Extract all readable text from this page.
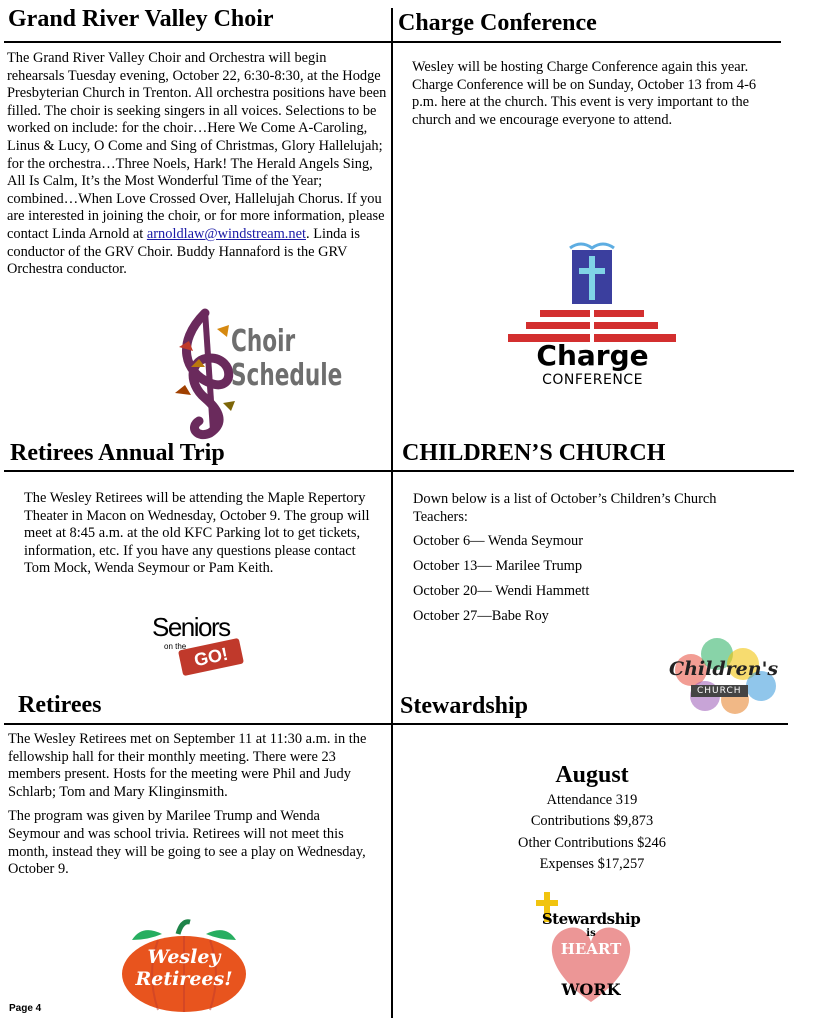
Grand River Valley Choir
The Grand River Valley Choir and Orchestra will begin rehearsals Tuesday evening, October 22, 6:30-8:30, at the Hodge Presbyterian Church in Trenton. All orchestra positions have been filled. The choir is seeking singers in all voices. Selections to be worked on include: for the choir…Here We Come A-Caroling, Linus & Lucy, O Come and Sing of Christmas, Glory Hallelujah; for the orchestra…Three Noels, Hark! The Herald Angels Sing, All Is Calm, It’s the Most Wonderful Time of the Year; combined…When Love Crossed Over, Hallelujah Chorus. If you are interested in joining the choir, or for more information, please contact Linda Arnold at arnoldlaw@windstream.net. Linda is conductor of the GRV Choir. Buddy Hannaford is the GRV Orchestra conductor.
Choir
Schedule
Charge Conference

Wesley will be hosting Charge Conference again this year. Charge Conference will be on Sunday, October 13 from 4-6 p.m. here at the church. This event is very important to the church and we encourage everyone to attend.

Charge
CONFERENCE
Retirees Annual Trip

The Wesley Retirees will be attending the Maple Repertory Theater in Macon on Wednesday, October 9. The group will meet at 8:45 a.m. at the old KFC Parking lot to get tickets, information, etc. If you have any questions please contact Tom Mock, Wenda Seymour or Pam Keith.

Seniors
on the GO!
CHILDREN’S CHURCH

Down below is a list of October’s Children’s Church Teachers:

October 6— Wenda Seymour
October 13— Marilee Trump
October 20— Wendi Hammett
October 27—Babe Roy
Children's
CHURCH
Retirees

The Wesley Retirees met on September 11 at 11:30 a.m. in the fellowship hall for their monthly meeting. There were 23 members present. Hosts for the meeting were Phil and Judy Schlarb; Tom and Mary Klinginsmith.

The program was given by Marilee Trump and Wenda Seymour and was school trivia. Retirees will not meet this month, instead they will be going to see a play on Wednesday, October 9.

Wesley
Retirees!
Stewardship
August
Attendance 319
Contributions $9,873
Other Contributions $246
Expenses $17,257
Stewardship
is
HEART
WORK
Page 4
